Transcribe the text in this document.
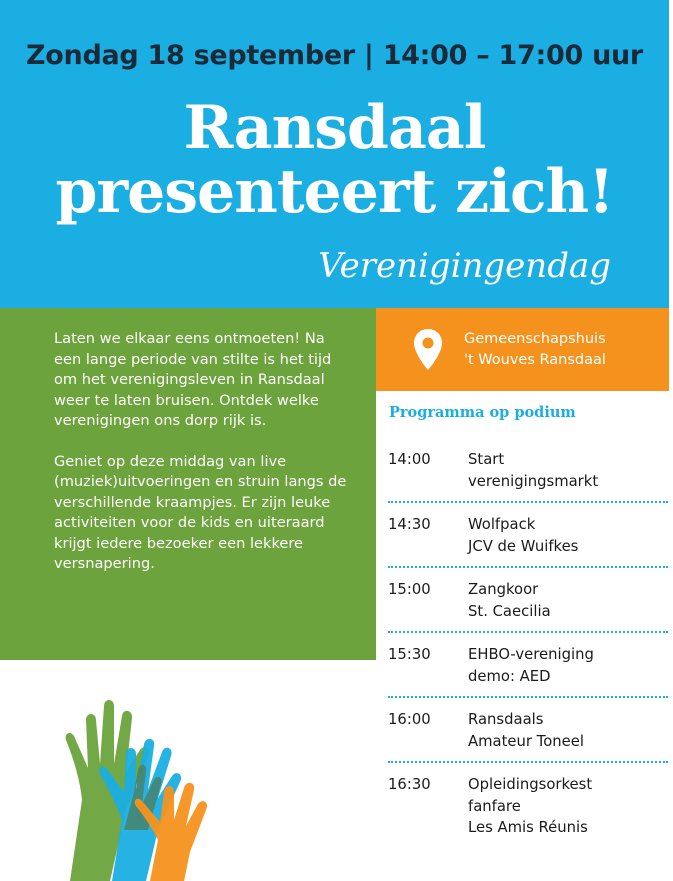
Zondag 18 september | 14:00 – 17:00 uur
Ransdaal
presenteert zich!
Verenigingendag

Laten we elkaar eens ontmoeten! Na een lange periode van stilte is het tijd om het verenigingsleven in Ransdaal weer te laten bruisen. Ontdek welke verenigingen ons dorp rijk is.

Geniet op deze middag van live (muziek)uitvoeringen en struin langs de verschillende kraampjes. Er zijn leuke activiteiten voor de kids en uiteraard krijgt iedere bezoeker een lekkere versnapering.

Gemeenschapshuis
't Wouves Ransdaal
Programma op podium
14:00	Start
verenigingsmarkt
14:30	Wolfpack
JCV de Wuifkes
15:00	Zangkoor
St. Caecilia
15:30	EHBO-vereniging
demo: AED
16:00	Ransdaals
Amateur Toneel
16:30	Opleidingsorkest
fanfare
Les Amis Réunis
